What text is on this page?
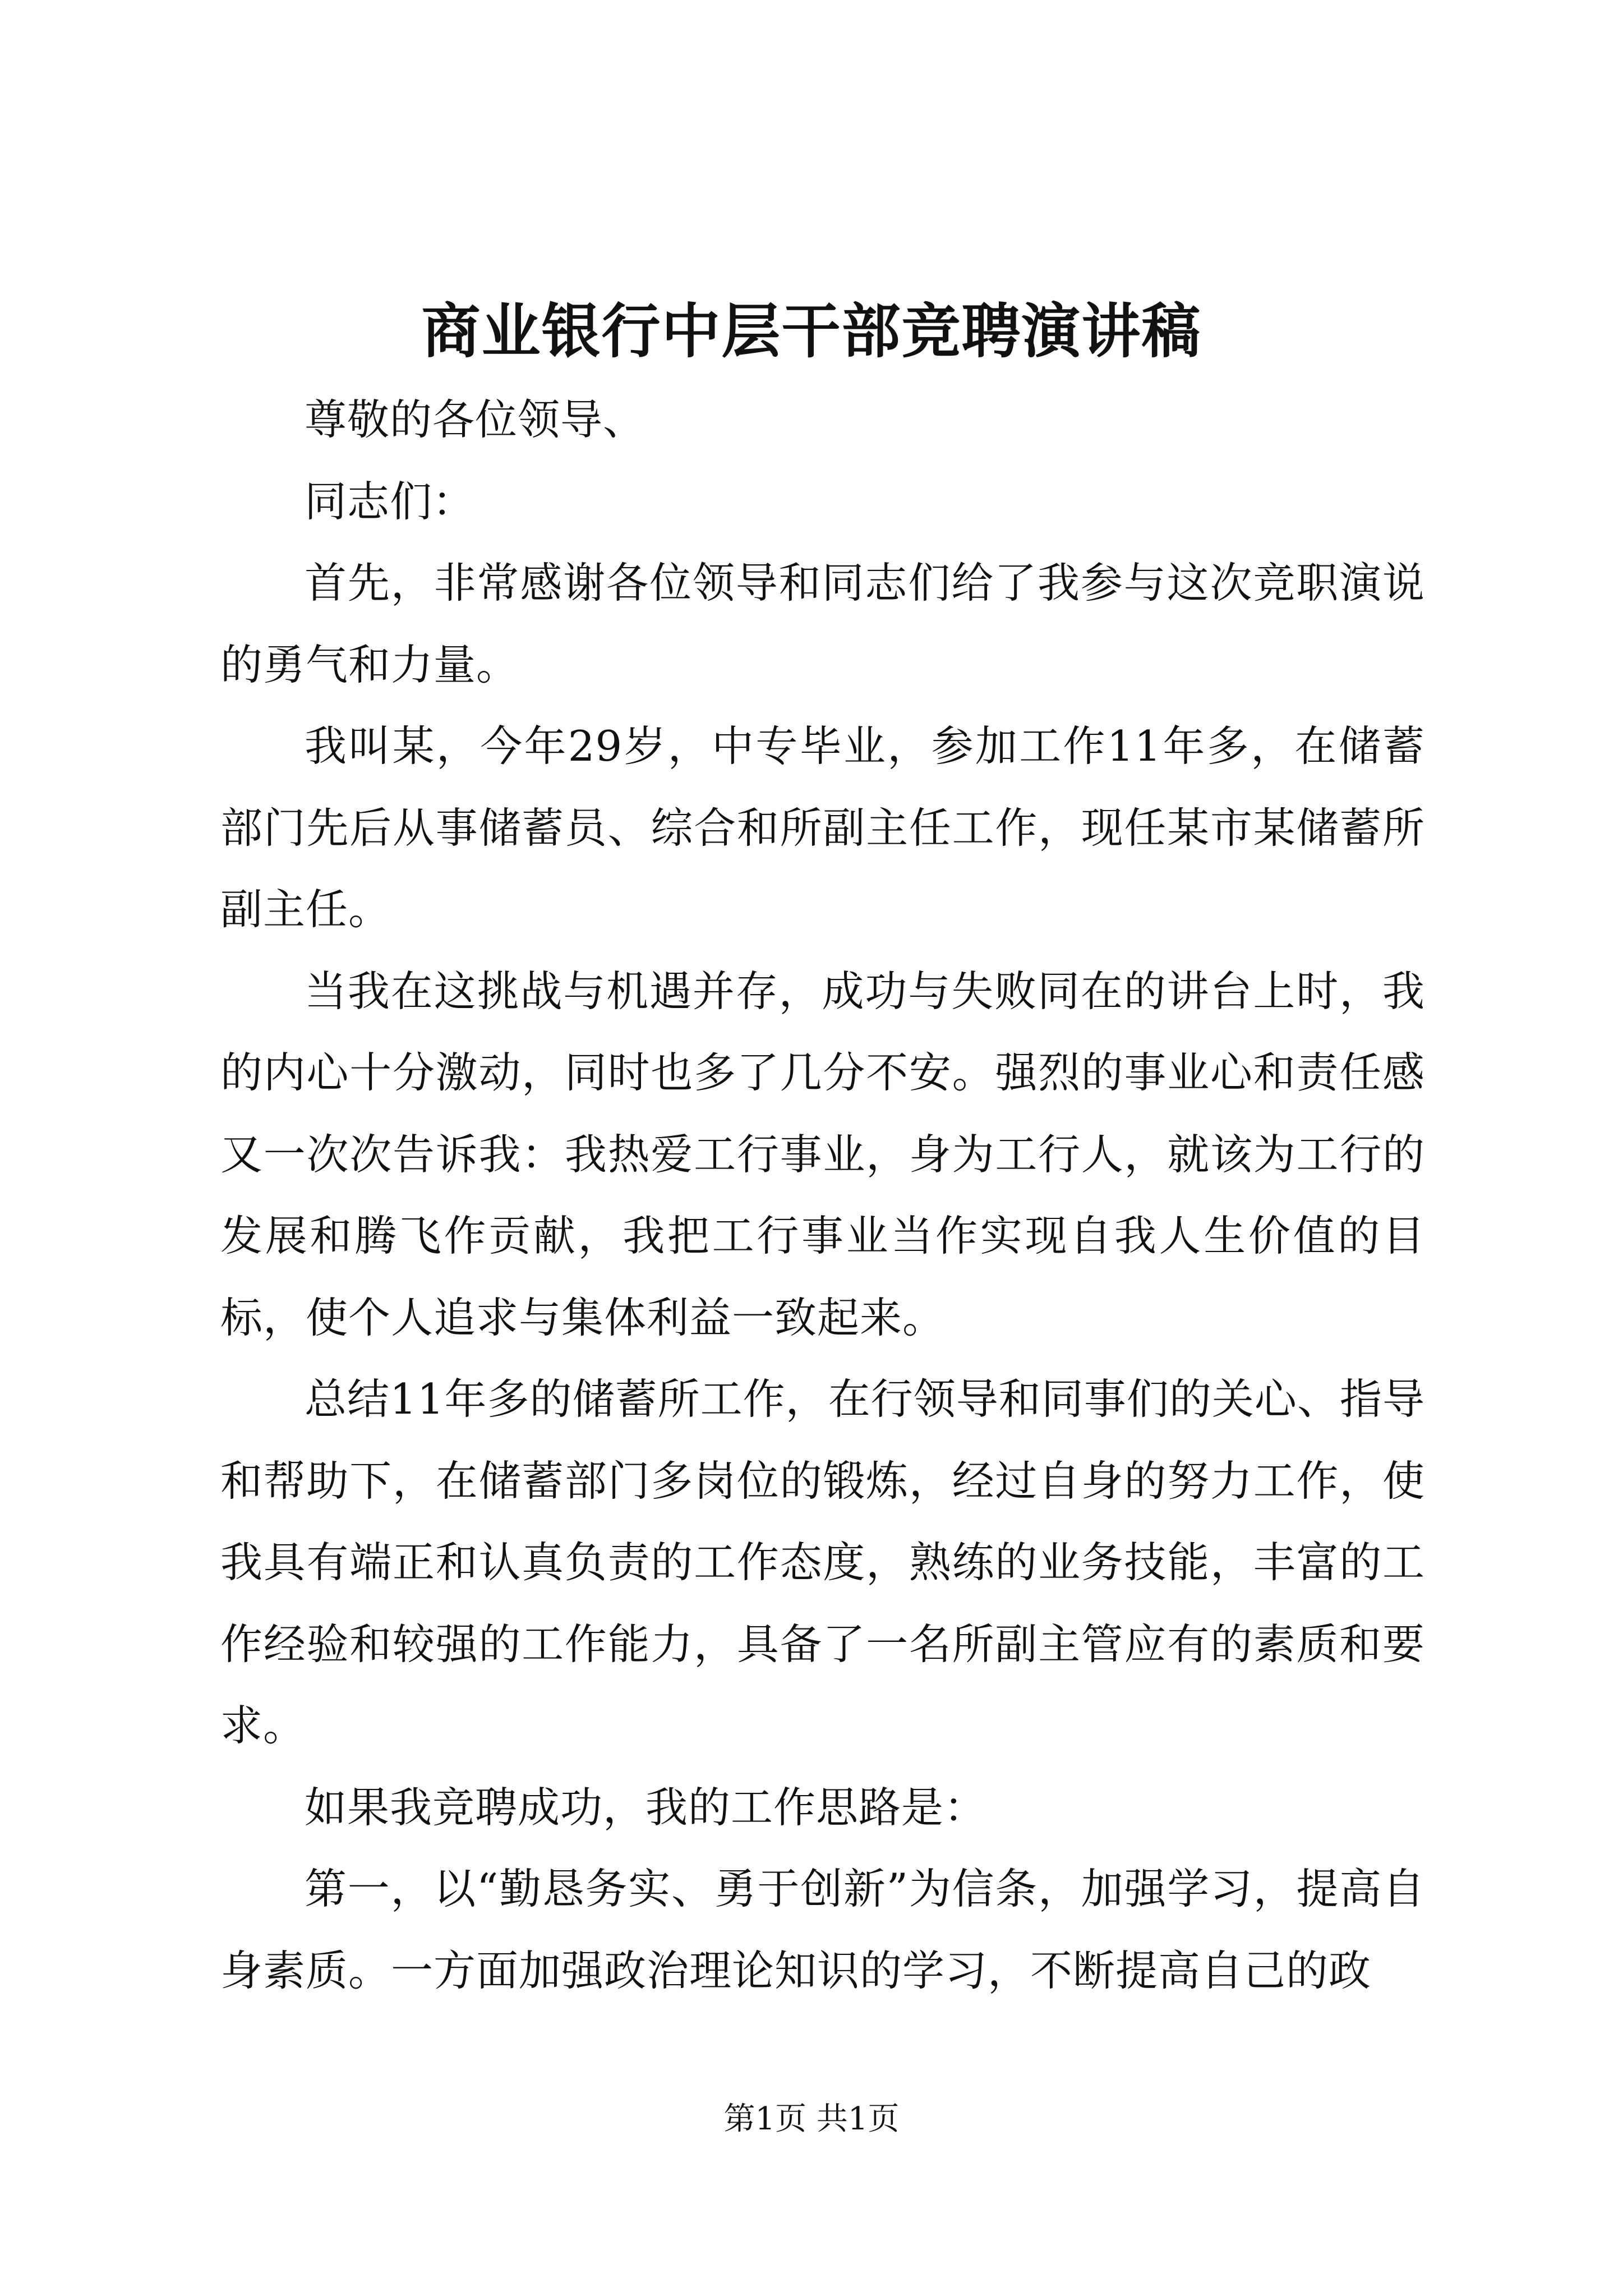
商业银行中层干部竞聘演讲稿

尊敬的各位领导、

同志们：

首先，非常感谢各位领导和同志们给了我参与这次竞职演说的勇气和力量。

我叫某，今年29岁，中专毕业，参加工作11年多，在储蓄部门先后从事储蓄员、综合和所副主任工作，现任某市某储蓄所副主任。

当我在这挑战与机遇并存，成功与失败同在的讲台上时，我的内心十分激动，同时也多了几分不安。强烈的事业心和责任感又一次次告诉我：我热爱工行事业，身为工行人，就该为工行的发展和腾飞作贡献，我把工行事业当作实现自我人生价值的目标，使个人追求与集体利益一致起来。

总结11年多的储蓄所工作，在行领导和同事们的关心、指导和帮助下，在储蓄部门多岗位的锻炼，经过自身的努力工作，使我具有端正和认真负责的工作态度，熟练的业务技能，丰富的工作经验和较强的工作能力，具备了一名所副主管应有的素质和要求。

如果我竞聘成功，我的工作思路是：

第一，以“勤恳务实、勇于创新”为信条，加强学习，提高自身素质。一方面加强政治理论知识的学习，不断提高自己的政

第1页 共1页
